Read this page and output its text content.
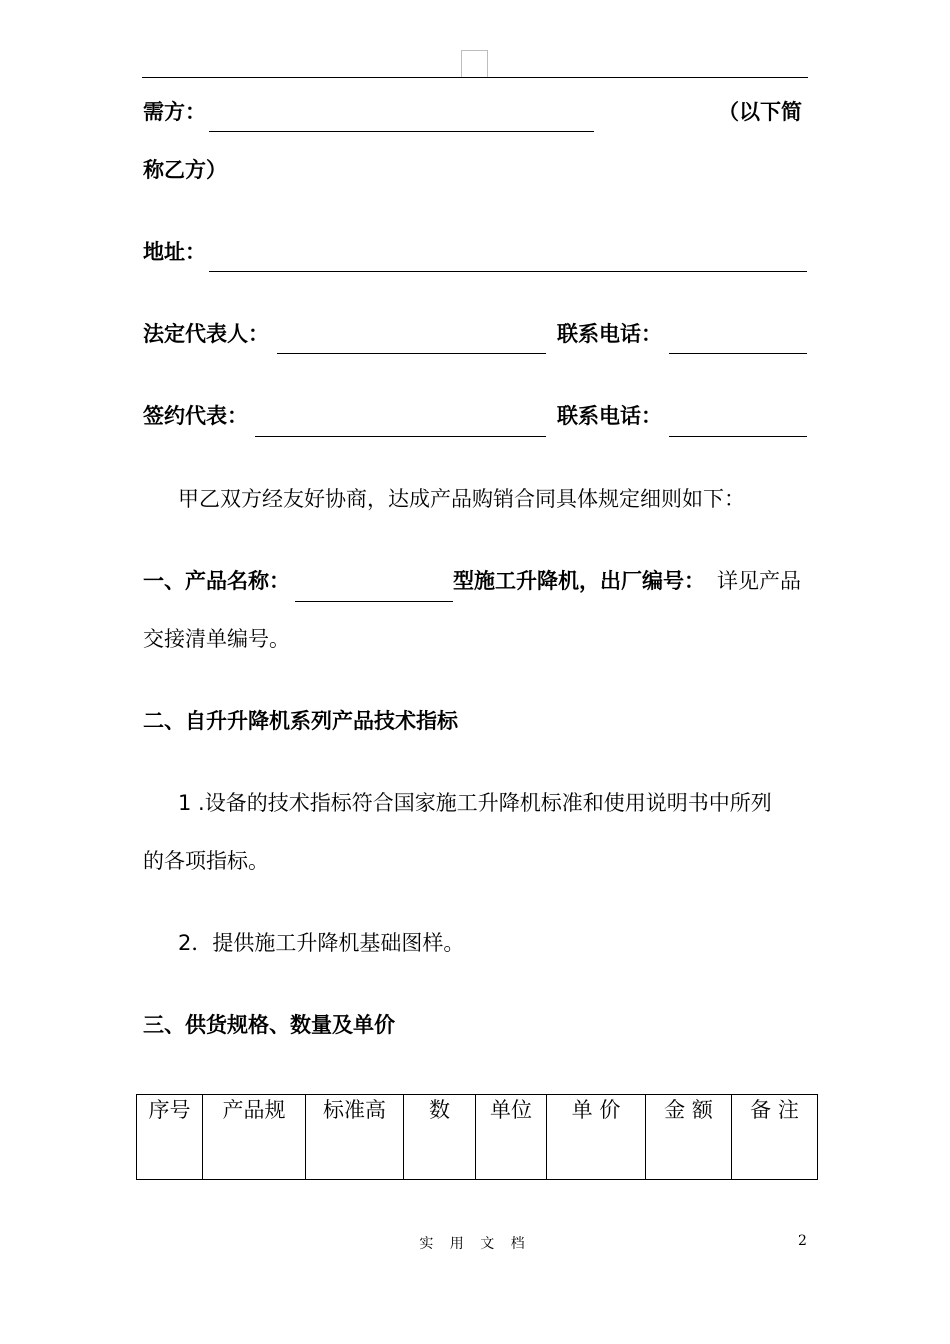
需方：	（以下简
称乙方）
地址：
法定代表人：	联系电话：
签约代表：	联系电话：
甲乙双方经友好协商，达成产品购销合同具体规定细则如下：
一、产品名称：	型施工升降机，出厂编号： 详见产品
交接清单编号。
二、自升升降机系列产品技术指标
1 .设备的技术指标符合国家施工升降机标准和使用说明书中所列
的各项指标。
2．提供施工升降机基础图样。
三、供货规格、数量及单价
序号	产品规	标准高	数	单位	单 价	金 额	备 注
实 用 文 档	2
